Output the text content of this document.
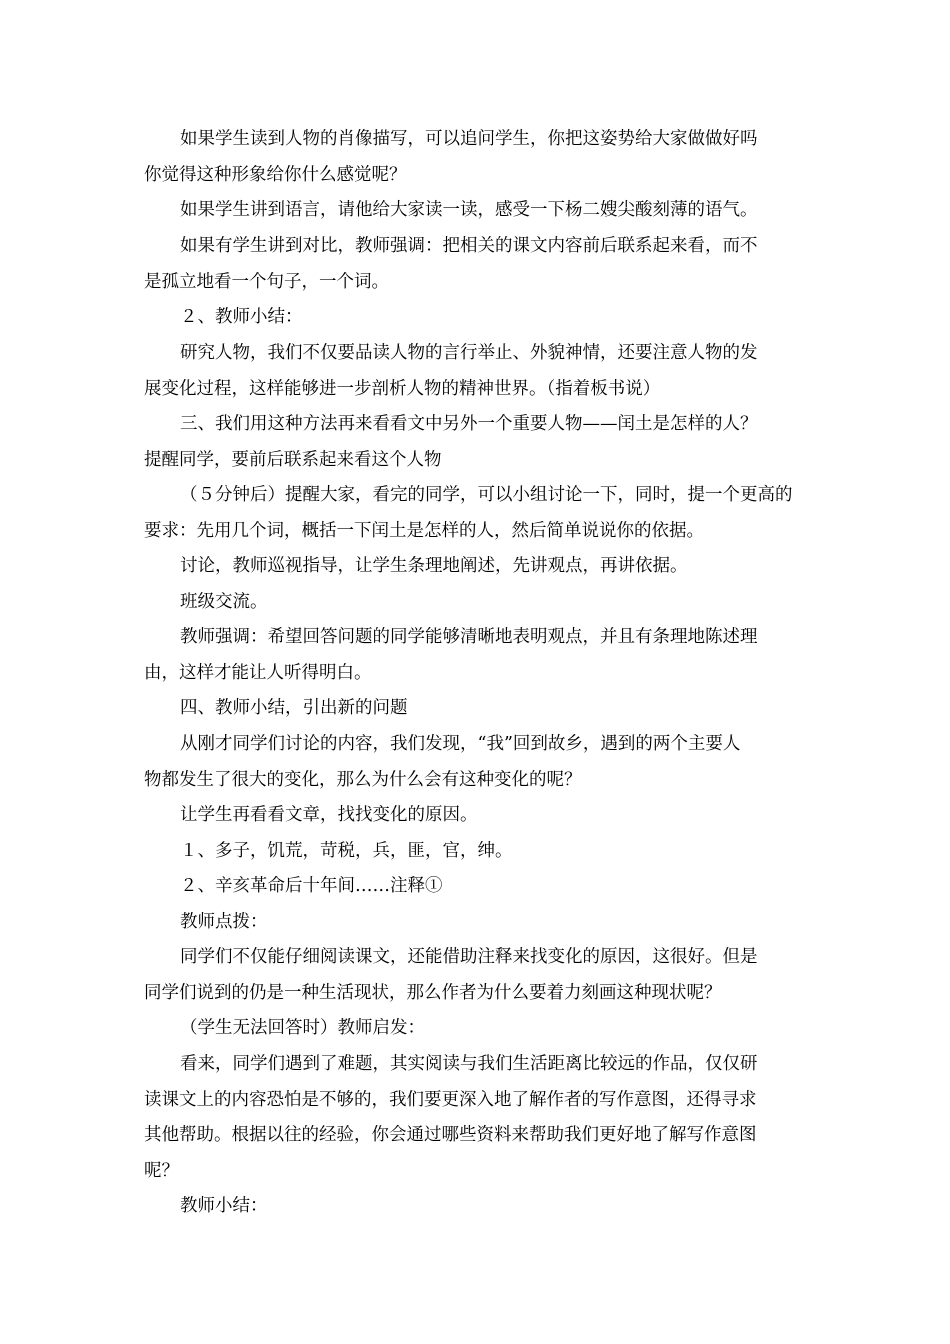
如果学生读到人物的肖像描写，可以追问学生，你把这姿势给大家做做好吗
你觉得这种形象给你什么感觉呢？

如果学生讲到语言，请他给大家读一读，感受一下杨二嫂尖酸刻薄的语气。

如果有学生讲到对比，教师强调：把相关的课文内容前后联系起来看，而不
是孤立地看一个句子，一个词。

２、教师小结：

研究人物，我们不仅要品读人物的言行举止、外貌神情，还要注意人物的发
展变化过程，这样能够进一步剖析人物的精神世界。（指着板书说）

三、我们用这种方法再来看看文中另外一个重要人物——闰土是怎样的人？
提醒同学，要前后联系起来看这个人物

（５分钟后）提醒大家，看完的同学，可以小组讨论一下，同时，提一个更高的
要求：先用几个词，概括一下闰土是怎样的人，然后简单说说你的依据。

讨论，教师巡视指导，让学生条理地阐述，先讲观点，再讲依据。

班级交流。

教师强调：希望回答问题的同学能够清晰地表明观点，并且有条理地陈述理
由，这样才能让人听得明白。

四、教师小结，引出新的问题

从刚才同学们讨论的内容，我们发现，“我”回到故乡，遇到的两个主要人
物都发生了很大的变化，那么为什么会有这种变化的呢？

让学生再看看文章，找找变化的原因。

１、多子，饥荒，苛税，兵，匪，官，绅。

２、辛亥革命后十年间……注释①

教师点拨：

同学们不仅能仔细阅读课文，还能借助注释来找变化的原因，这很好。但是
同学们说到的仍是一种生活现状，那么作者为什么要着力刻画这种现状呢？

（学生无法回答时）教师启发：

看来，同学们遇到了难题，其实阅读与我们生活距离比较远的作品，仅仅研
读课文上的内容恐怕是不够的，我们要更深入地了解作者的写作意图，还得寻求
其他帮助。根据以往的经验，你会通过哪些资料来帮助我们更好地了解写作意图
呢？

教师小结：
